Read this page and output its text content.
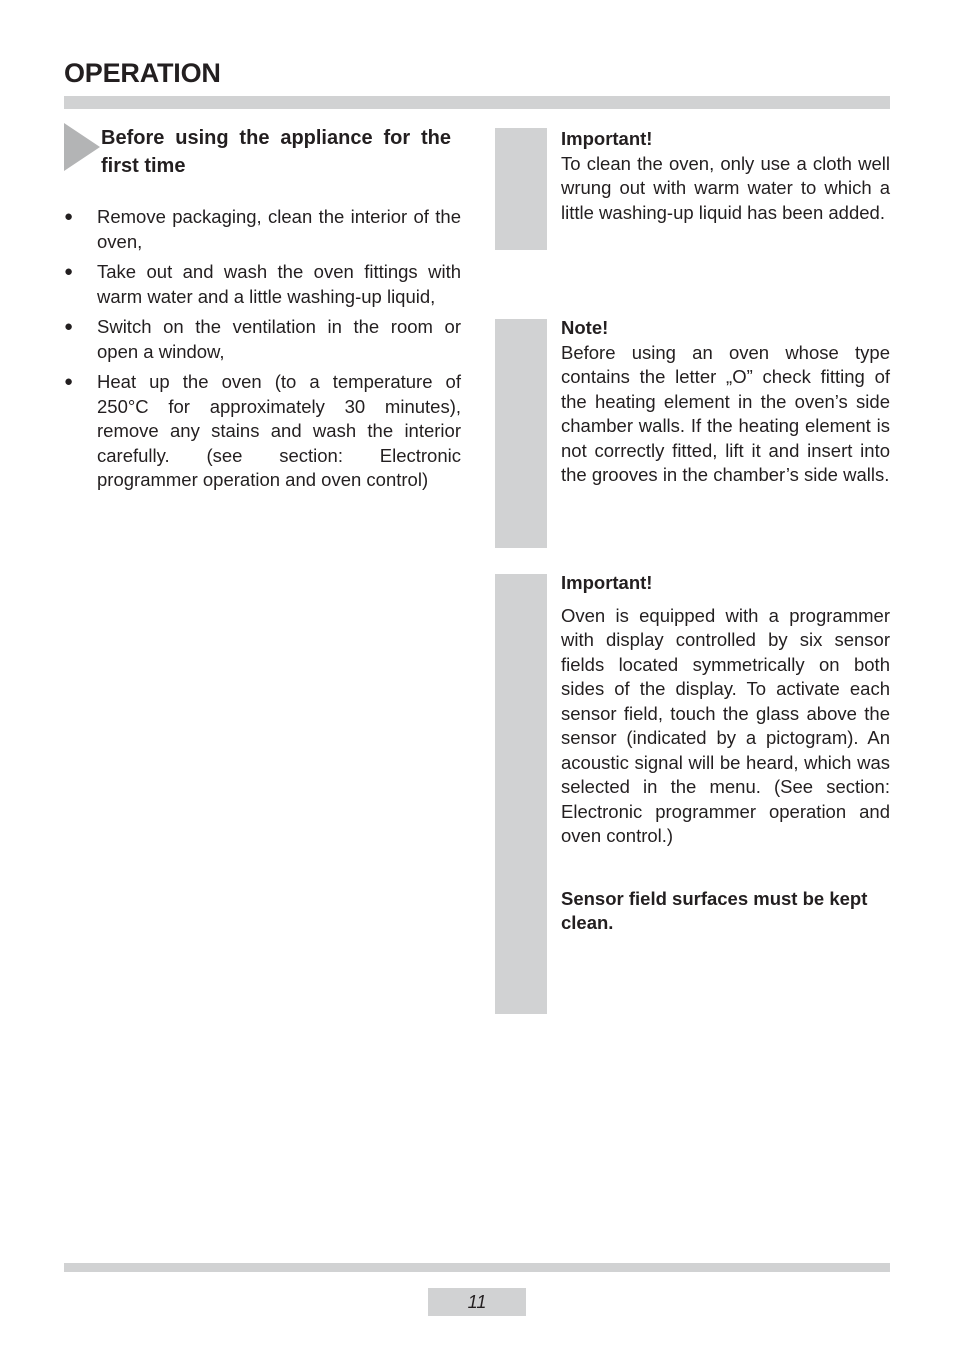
OPERATION
Before using the appliance for the first time
● Remove packaging, clean the interior of the oven,
● Take out and wash the oven fittings with warm water and a little washing-up liquid,
● Switch on the ventilation in the room or open a window,
● Heat up the oven (to a temperature of 250°C for approximately 30 minutes), remove any stains and wash the interior carefully. (see section: Electronic programmer operation and oven control)
Important!
To clean the oven, only use a cloth well wrung out with warm water to which a little washing-up liquid has been added.
Note!
Before using an oven whose type contains the letter „O” check fitting of the heating element in the oven’s side chamber walls. If the heating element is not correctly fitted, lift it and insert into the grooves in the chamber’s side walls.
Important!
Oven is equipped with a programmer with display controlled by six sensor fields located symmetrically on both sides of the display. To activate each sensor field, touch the glass above the sensor (indicated by a pictogram). An acoustic signal will be heard, which was selected in the menu. (See section: Electronic programmer operation and oven control.)
Sensor field surfaces must be kept clean.
11
